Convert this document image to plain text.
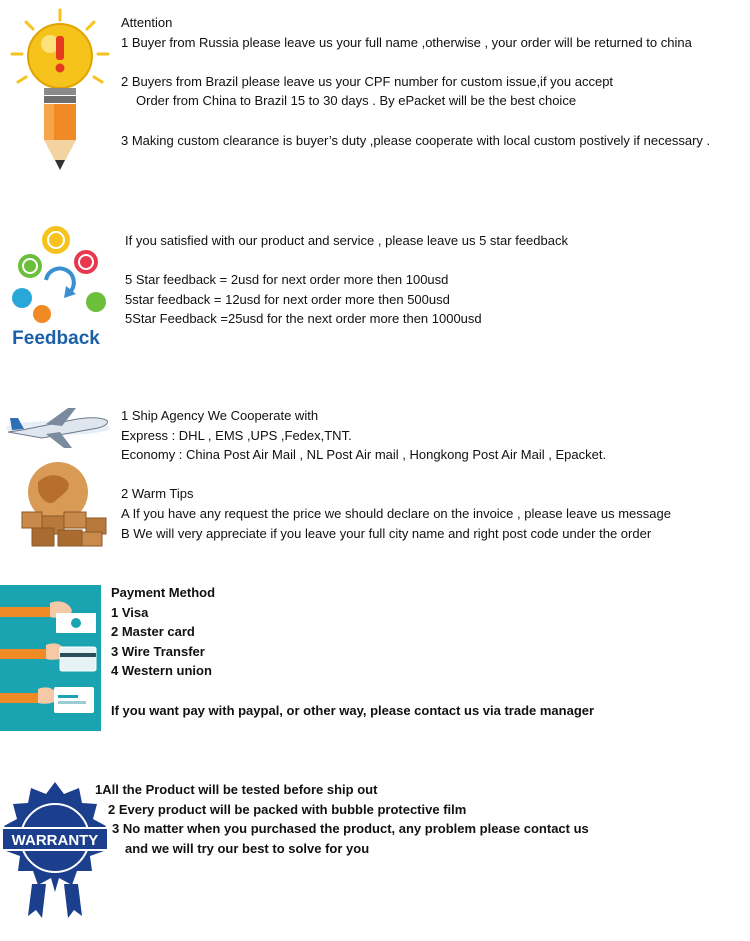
Attention

1 Buyer from Russia please leave us your full name ,otherwise , your order will be returned to china

2 Buyers from Brazil please leave us your CPF number for custom issue,if you accept

Order from China to Brazil 15 to 30 days . By ePacket will be the best choice

3 Making custom clearance is buyer’s duty ,please cooperate with local custom postively if necessary .

Feedback

If you satisfied with our product and service , please leave us 5 star feedback

5 Star feedback = 2usd for next order more then 100usd

5star feedback = 12usd for next order more then 500usd

5Star Feedback =25usd for the next order more then 1000usd

1 Ship Agency We Cooperate with

Express : DHL , EMS ,UPS ,Fedex,TNT.

Economy : China Post Air Mail , NL Post Air mail , Hongkong Post Air Mail , Epacket.

2 Warm Tips

A If you have any request the price we should declare on the invoice , please leave us message

B We will very appreciate if you leave your full city name and right post code under the order

Payment Method

1 Visa

2 Master card

3 Wire Transfer

4 Western union

If you want pay with paypal, or other way, please contact us via trade manager

WARRANTY

1All the Product will be tested before ship out

2 Every product will be packed with bubble protective film

3 No matter when you purchased the product, any problem please contact us

and we will try our best to solve for you
